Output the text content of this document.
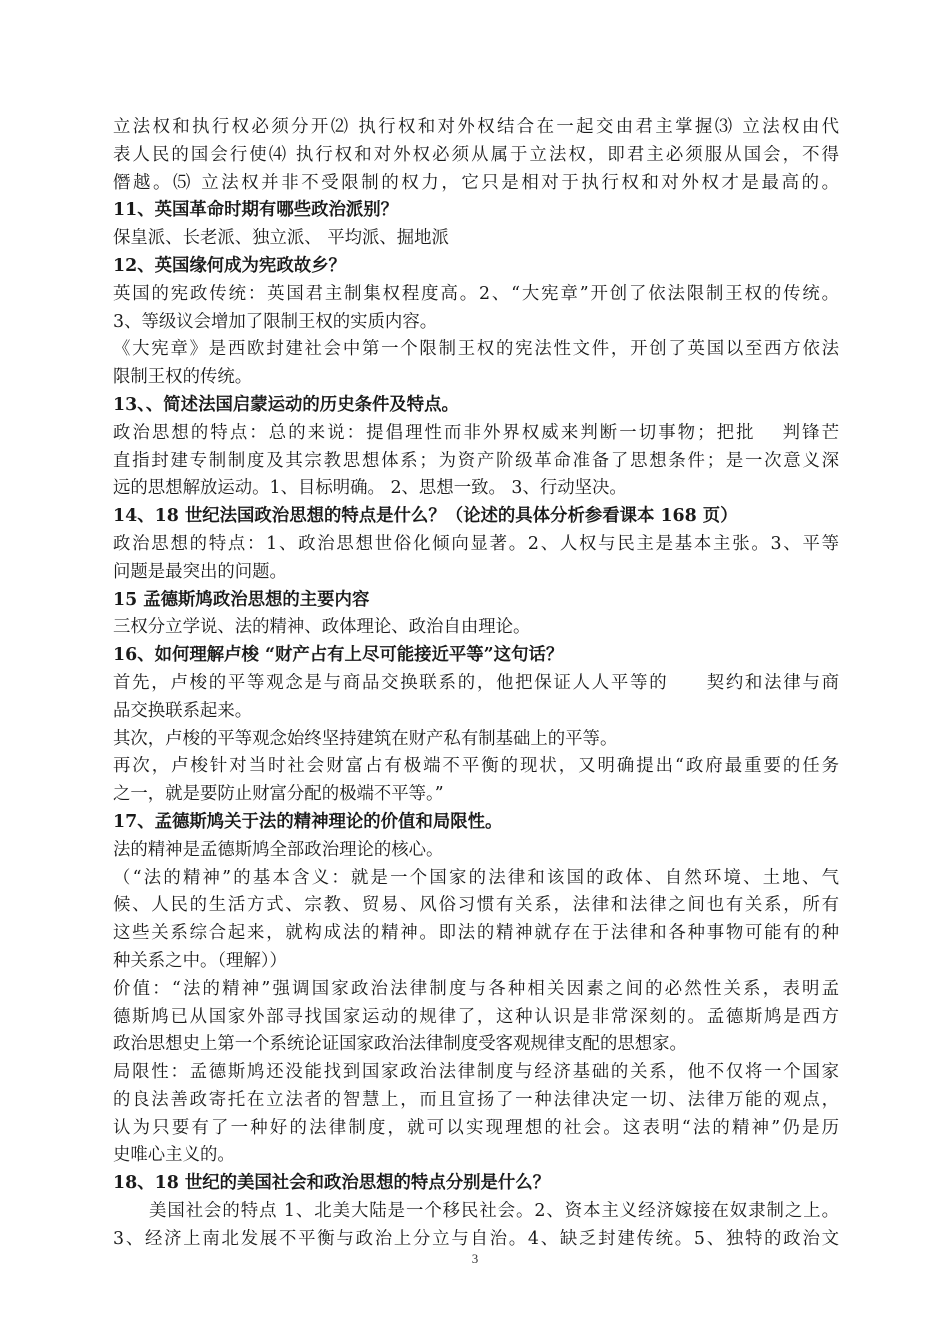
立法权和执行权必须分开⑵ 执行权和对外权结合在一起交由君主掌握⑶ 立法权由代
表人民的国会行使⑷ 执行权和对外权必须从属于立法权，即君主必须服从国会，不得
僭越。⑸ 立法权并非不受限制的权力，它只是相对于执行权和对外权才是最高的。
11、英国革命时期有哪些政治派别？
保皇派、长老派、独立派、 平均派、掘地派
12、英国缘何成为宪政故乡？
英国的宪政传统：英国君主制集权程度高。2、“大宪章”开创了依法限制王权的传统。
3、等级议会增加了限制王权的实质内容。
《大宪章》是西欧封建社会中第一个限制王权的宪法性文件，开创了英国以至西方依法
限制王权的传统。
13、、简述法国启蒙运动的历史条件及特点。
政治思想的特点：总的来说：提倡理性而非外界权威来判断一切事物；把批　 判锋芒
直指封建专制制度及其宗教思想体系；为资产阶级革命准备了思想条件；是一次意义深
远的思想解放运动。1、目标明确。 2、思想一致。 3、行动坚决。
14、18 世纪法国政治思想的特点是什么？（论述的具体分析参看课本 168 页）
政治思想的特点：1、政治思想世俗化倾向显著。2、人权与民主是基本主张。3、平等
问题是最突出的问题。
15 孟德斯鸠政治思想的主要内容
三权分立学说、法的精神、政体理论、政治自由理论。
16、如何理解卢梭 “财产占有上尽可能接近平等”这句话？
首先，卢梭的平等观念是与商品交换联系的，他把保证人人平等的　　契约和法律与商
品交换联系起来。
其次，卢梭的平等观念始终坚持建筑在财产私有制基础上的平等。
再次，卢梭针对当时社会财富占有极端不平衡的现状，又明确提出“政府最重要的任务
之一，就是要防止财富分配的极端不平等。”
17、孟德斯鸠关于法的精神理论的价值和局限性。
法的精神是孟德斯鸠全部政治理论的核心。
（“法的精神”的基本含义：就是一个国家的法律和该国的政体、自然环境、土地、气
候、人民的生活方式、宗教、贸易、风俗习惯有关系，法律和法律之间也有关系，所有
这些关系综合起来，就构成法的精神。即法的精神就存在于法律和各种事物可能有的种
种关系之中。（理解））
价值：“法的精神”强调国家政治法律制度与各种相关因素之间的必然性关系，表明孟
德斯鸠已从国家外部寻找国家运动的规律了，这种认识是非常深刻的。孟德斯鸠是西方
政治思想史上第一个系统论证国家政治法律制度受客观规律支配的思想家。
局限性：孟德斯鸠还没能找到国家政治法律制度与经济基础的关系，他不仅将一个国家
的良法善政寄托在立法者的智慧上，而且宣扬了一种法律决定一切、法律万能的观点，
认为只要有了一种好的法律制度，就可以实现理想的社会。这表明“法的精神”仍是历
史唯心主义的。
18、18 世纪的美国社会和政治思想的特点分别是什么？
美国社会的特点 1、北美大陆是一个移民社会。2、资本主义经济嫁接在奴隶制之上。
3、经济上南北发展不平衡与政治上分立与自治。4、缺乏封建传统。5、独特的政治文
3
